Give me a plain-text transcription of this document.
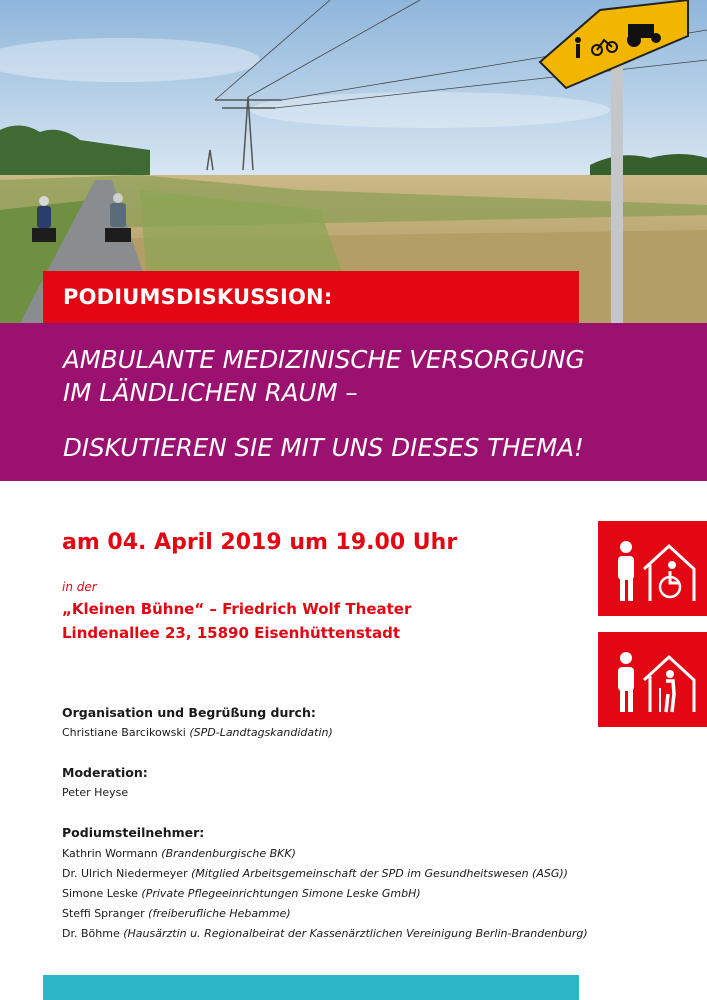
PODIUMSDISKUSSION:
AMBULANTE MEDIZINISCHE VERSORGUNG
IM LÄNDLICHEN RAUM –
DISKUTIEREN SIE MIT UNS DIESES THEMA!
am 04. April 2019 um 19.00 Uhr
in der
„Kleinen Bühne“ – Friedrich Wolf Theater
Lindenallee 23, 15890 Eisenhüttenstadt
Organisation und Begrüßung durch:
Christiane Barcikowski (SPD-Landtagskandidatin)
Moderation:
Peter Heyse
Podiumsteilnehmer:
Kathrin Wormann (Brandenburgische BKK)
Dr. Ulrich Niedermeyer (Mitglied Arbeitsgemeinschaft der SPD im Gesundheitswesen (ASG))
Simone Leske (Private Pflegeeinrichtungen Simone Leske GmbH)
Steffi Spranger (freiberufliche Hebamme)
Dr. Böhme (Hausärztin u. Regionalbeirat der Kassenärztlichen Vereinigung Berlin-Brandenburg)
